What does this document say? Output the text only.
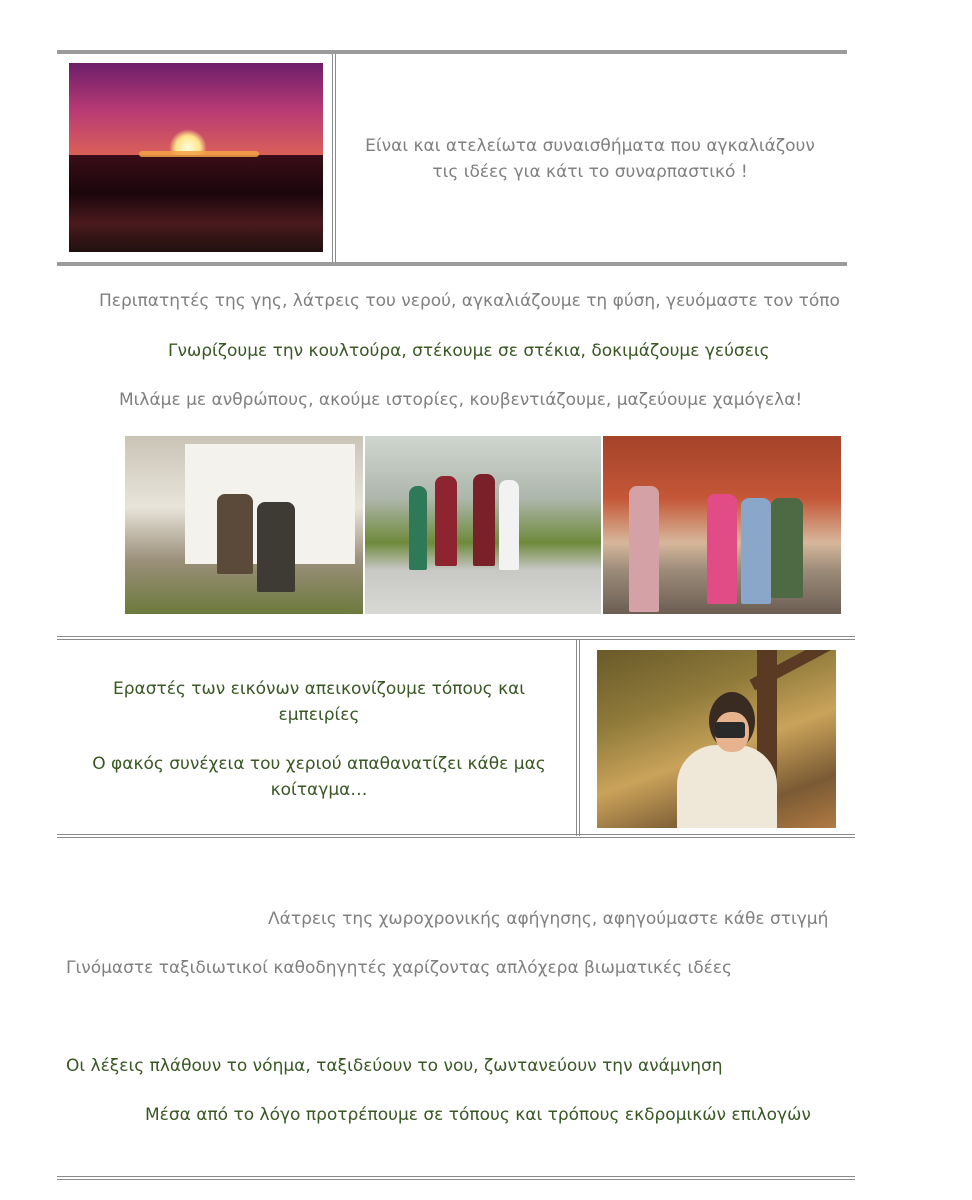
Είναι και ατελείωτα συναισθήματα που αγκαλιάζουν
τις ιδέες για κάτι το συναρπαστικό !
Περιπατητές της γης, λάτρεις του νερού, αγκαλιάζουμε τη φύση, γευόμαστε τον τόπο
Γνωρίζουμε την κουλτούρα, στέκουμε σε στέκια, δοκιμάζουμε γεύσεις
Μιλάμε με ανθρώπους, ακούμε ιστορίες, κουβεντιάζουμε, μαζεύουμε χαμόγελα!
Εραστές των εικόνων απεικονίζουμε τόπους και
εμπειρίες
Ο φακός συνέχεια του χεριού απαθανατίζει κάθε μας
κοίταγμα…
Λάτρεις της χωροχρονικής αφήγησης, αφηγούμαστε κάθε στιγμή
Γινόμαστε ταξιδιωτικοί καθοδηγητές χαρίζοντας απλόχερα βιωματικές ιδέες
Οι λέξεις πλάθουν το νόημα, ταξιδεύουν το νου, ζωντανεύουν την ανάμνηση
Μέσα από το λόγο προτρέπουμε σε τόπους και τρόπους εκδρομικών επιλογών
